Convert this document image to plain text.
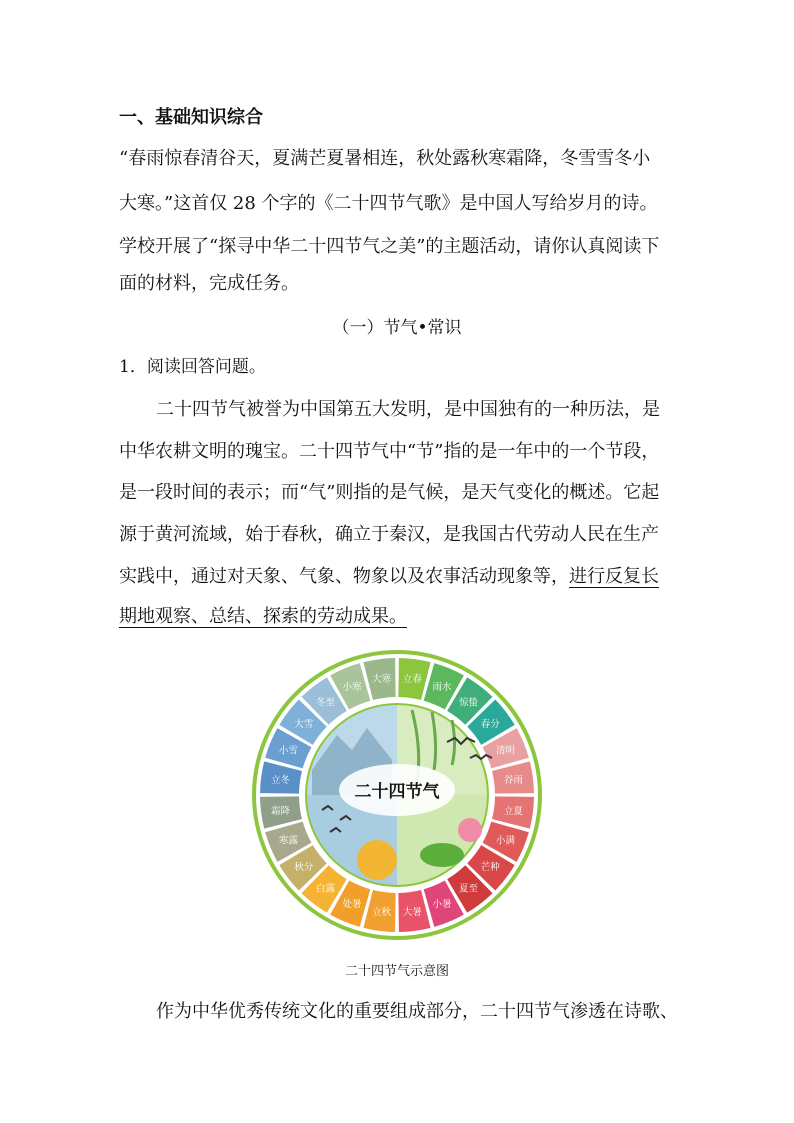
一、基础知识综合
“春雨惊春清谷天，夏满芒夏暑相连，秋处露秋寒霜降，冬雪雪冬小
大寒。”这首仅 28 个字的《二十四节气歌》是中国人写给岁月的诗。
学校开展了“探寻中华二十四节气之美”的主题活动，请你认真阅读下
面的材料，完成任务。
（一）节气•常识
1．阅读回答问题。
二十四节气被誉为中国第五大发明，是中国独有的一种历法，是
中华农耕文明的瑰宝。二十四节气中“节”指的是一年中的一个节段，
是一段时间的表示；而“气”则指的是气候，是天气变化的概述。它起
源于黄河流域，始于春秋，确立于秦汉，是我国古代劳动人民在生产
实践中，通过对天象、气象、物象以及农事活动现象等，进行反复长
期地观察、总结、探索的劳动成果。
立春
雨水
惊蛰
春分
清明
谷雨
立夏
小满
芒种
夏至
小暑
大暑
立秋
处暑
白露
秋分
寒露
霜降
立冬
小雪
大雪
冬至
小寒
大寒
二十四节气
二十四节气示意图
作为中华优秀传统文化的重要组成部分，二十四节气渗透在诗歌、
